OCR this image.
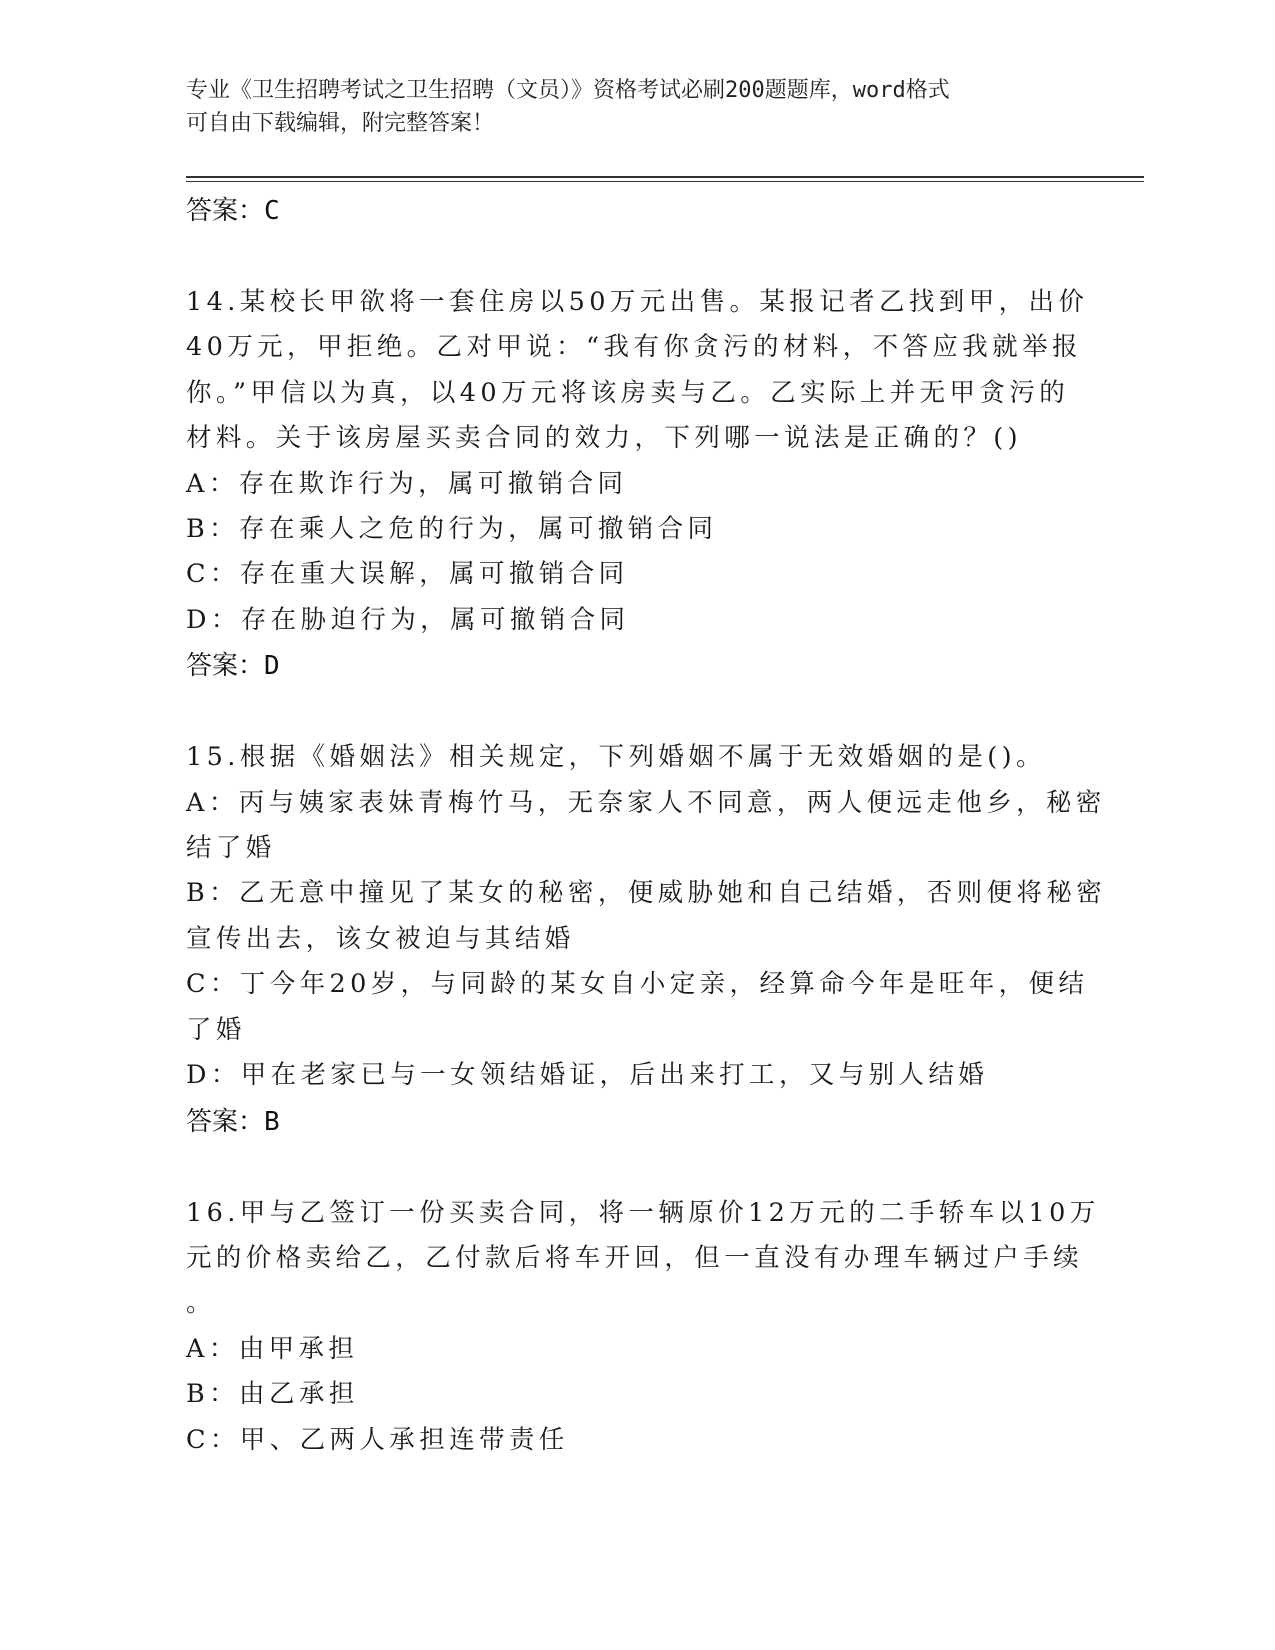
专业《卫生招聘考试之卫生招聘（文员）》资格考试必刷200题题库，word格式
可自由下载编辑，附完整答案！

答案：C

14.某校长甲欲将一套住房以50万元出售。某报记者乙找到甲，出价

40万元，甲拒绝。乙对甲说：“我有你贪污的材料，不答应我就举报

你。”甲信以为真，以40万元将该房卖与乙。乙实际上并无甲贪污的

材料。关于该房屋买卖合同的效力，下列哪一说法是正确的？()

A：存在欺诈行为，属可撤销合同

B：存在乘人之危的行为，属可撤销合同

C：存在重大误解，属可撤销合同

D：存在胁迫行为，属可撤销合同

答案：D

15.根据《婚姻法》相关规定，下列婚姻不属于无效婚姻的是()。

A：丙与姨家表妹青梅竹马，无奈家人不同意，两人便远走他乡，秘密

结了婚

B：乙无意中撞见了某女的秘密，便威胁她和自己结婚，否则便将秘密

宣传出去，该女被迫与其结婚

C：丁今年20岁，与同龄的某女自小定亲，经算命今年是旺年，便结

了婚

D：甲在老家已与一女领结婚证，后出来打工，又与别人结婚

答案：B

16.甲与乙签订一份买卖合同，将一辆原价12万元的二手轿车以10万

元的价格卖给乙，乙付款后将车开回，但一直没有办理车辆过户手续

。

A：由甲承担

B：由乙承担

C：甲、乙两人承担连带责任
